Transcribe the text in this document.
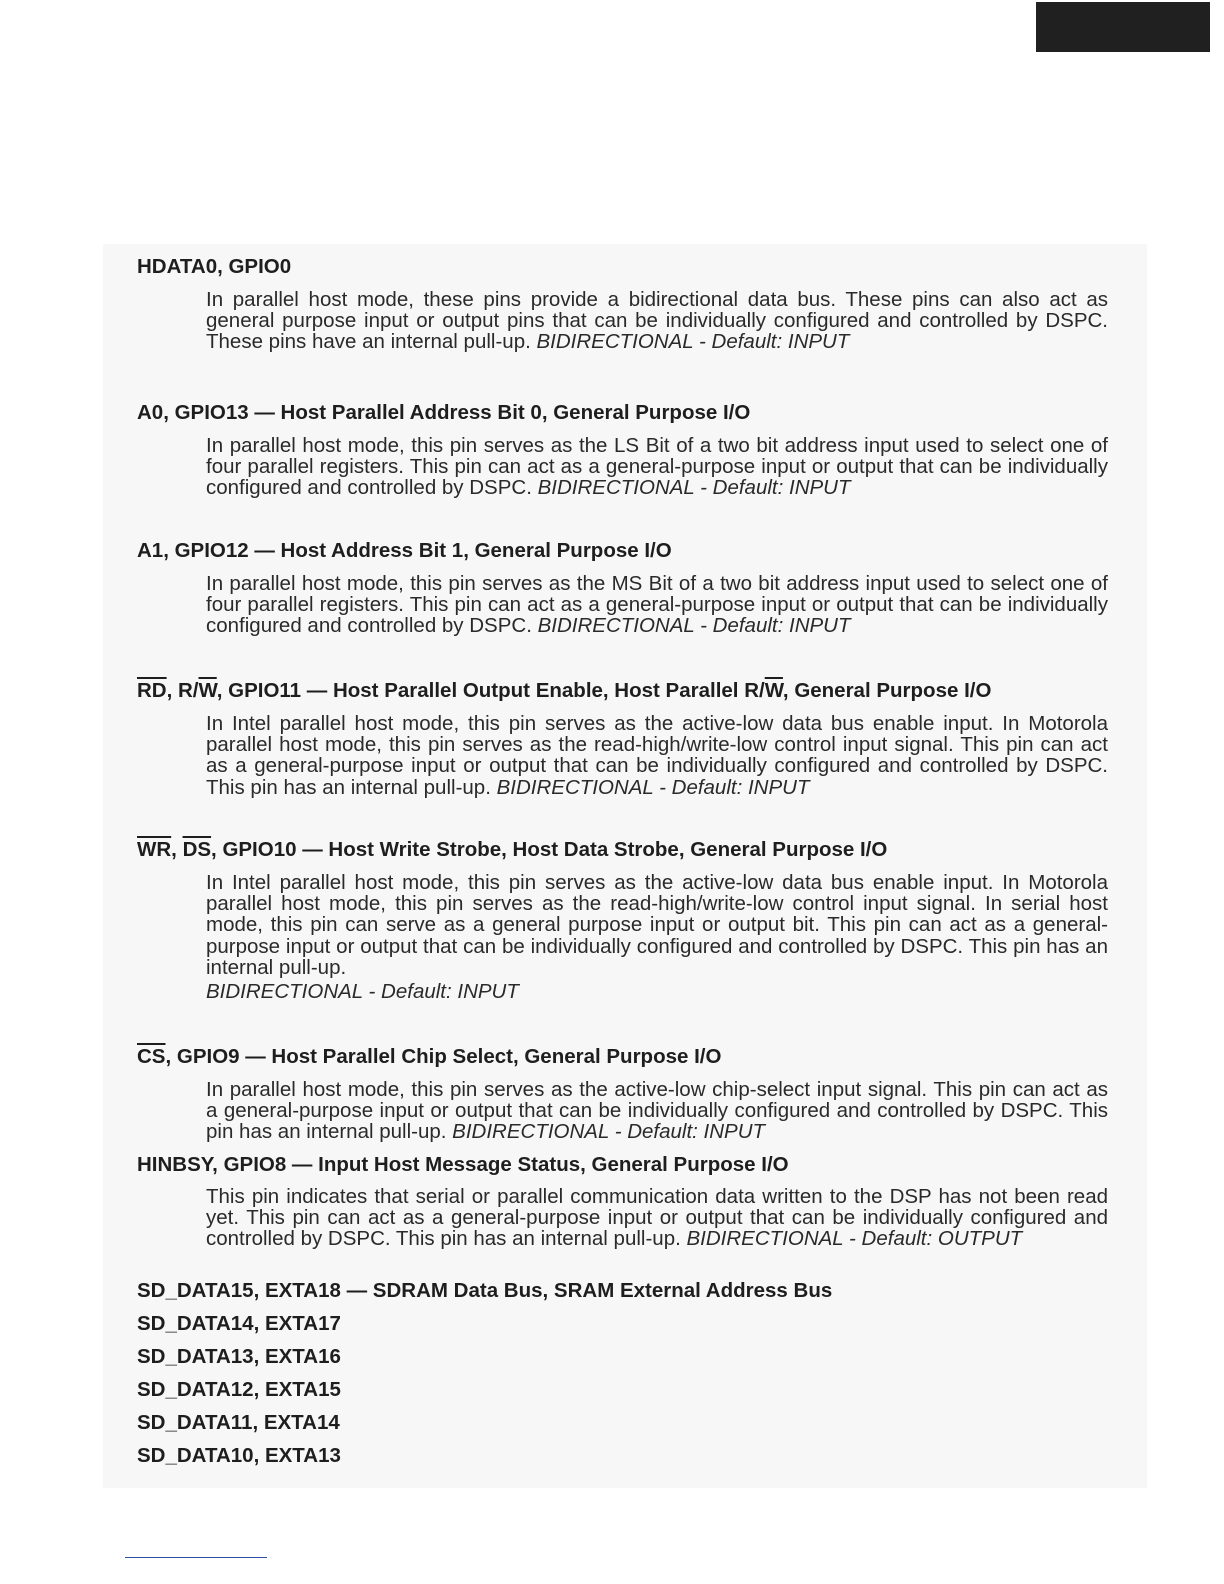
HDATA0, GPIO0
In parallel host mode, these pins provide a bidirectional data bus. These pins can also act as general purpose input or output pins that can be individually configured and controlled by DSPC. These pins have an internal pull-up. BIDIRECTIONAL - Default: INPUT
A0, GPIO13 — Host Parallel Address Bit 0, General Purpose I/O
In parallel host mode, this pin serves as the LS Bit of a two bit address input used to select one of four parallel registers. This pin can act as a general-purpose input or output that can be individually configured and controlled by DSPC. BIDIRECTIONAL - Default: INPUT
A1, GPIO12 — Host Address Bit 1, General Purpose I/O
In parallel host mode, this pin serves as the MS Bit of a two bit address input used to select one of four parallel registers. This pin can act as a general-purpose input or output that can be individually configured and controlled by DSPC. BIDIRECTIONAL - Default: INPUT
$\overline{RD}$, $R/\overline{W}$, GPIO11 — Host Parallel Output Enable, Host Parallel $R/\overline{W}$, General Purpose I/O
In Intel parallel host mode, this pin serves as the active-low data bus enable input. In Motorola parallel host mode, this pin serves as the read-high/write-low control input signal. This pin can act as a general-purpose input or output that can be individually configured and controlled by DSPC. This pin has an internal pull-up. BIDIRECTIONAL - Default: INPUT
$\overline{WR}$, $\overline{DS}$, GPIO10 — Host Write Strobe, Host Data Strobe, General Purpose I/O
In Intel parallel host mode, this pin serves as the active-low data bus enable input. In Motorola parallel host mode, this pin serves as the read-high/write-low control input signal. In serial host mode, this pin can serve as a general purpose input or output bit. This pin can act as a general-purpose input or output that can be individually configured and controlled by DSPC. This pin has an internal pull-up.
BIDIRECTIONAL - Default: INPUT
$\overline{CS}$, GPIO9 — Host Parallel Chip Select, General Purpose I/O
In parallel host mode, this pin serves as the active-low chip-select input signal. This pin can act as a general-purpose input or output that can be individually configured and controlled by DSPC. This pin has an internal pull-up. BIDIRECTIONAL - Default: INPUT
HINBSY, GPIO8 — Input Host Message Status, General Purpose I/O
This pin indicates that serial or parallel communication data written to the DSP has not been read yet. This pin can act as a general-purpose input or output that can be individually configured and controlled by DSPC. This pin has an internal pull-up. BIDIRECTIONAL - Default: OUTPUT
SD_DATA15, EXTA18 — SDRAM Data Bus, SRAM External Address Bus
SD_DATA14, EXTA17
SD_DATA13, EXTA16
SD_DATA12, EXTA15
SD_DATA11, EXTA14
SD_DATA10, EXTA13
